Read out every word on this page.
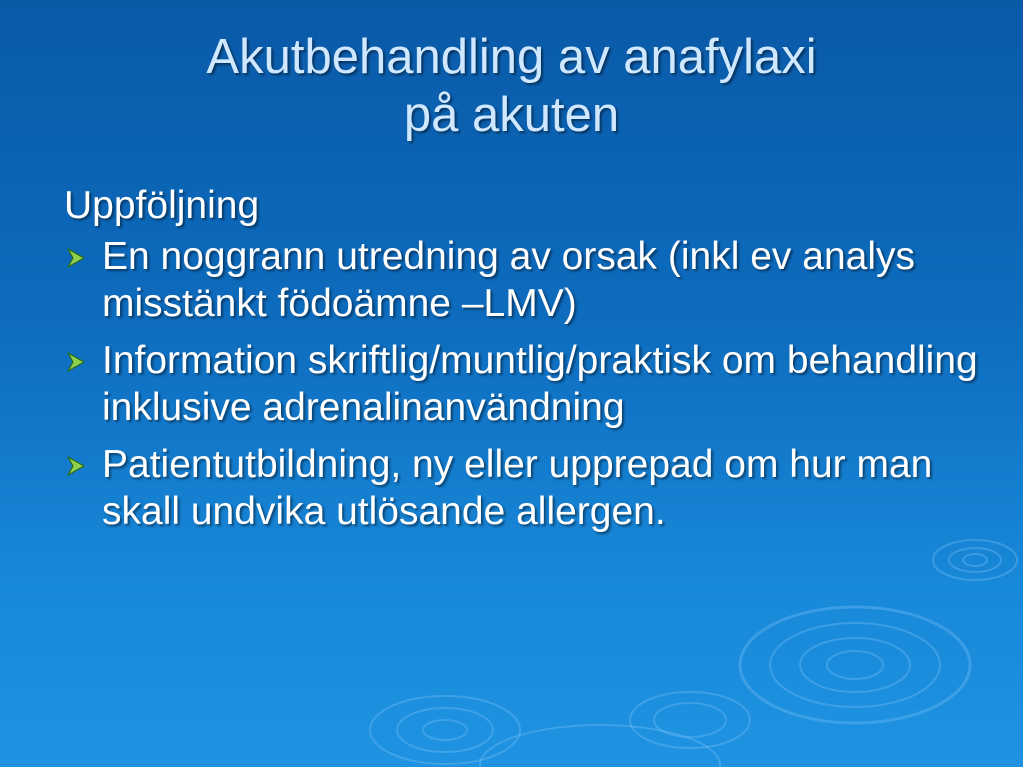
Akutbehandling av anafylaxi
på akuten
Uppföljning
En noggrann utredning av orsak (inkl ev analys misstänkt födoämne –LMV)
Information skriftlig/muntlig/praktisk om behandling inklusive adrenalinanvändning
Patientutbildning, ny eller upprepad om hur man skall undvika utlösande allergen.
